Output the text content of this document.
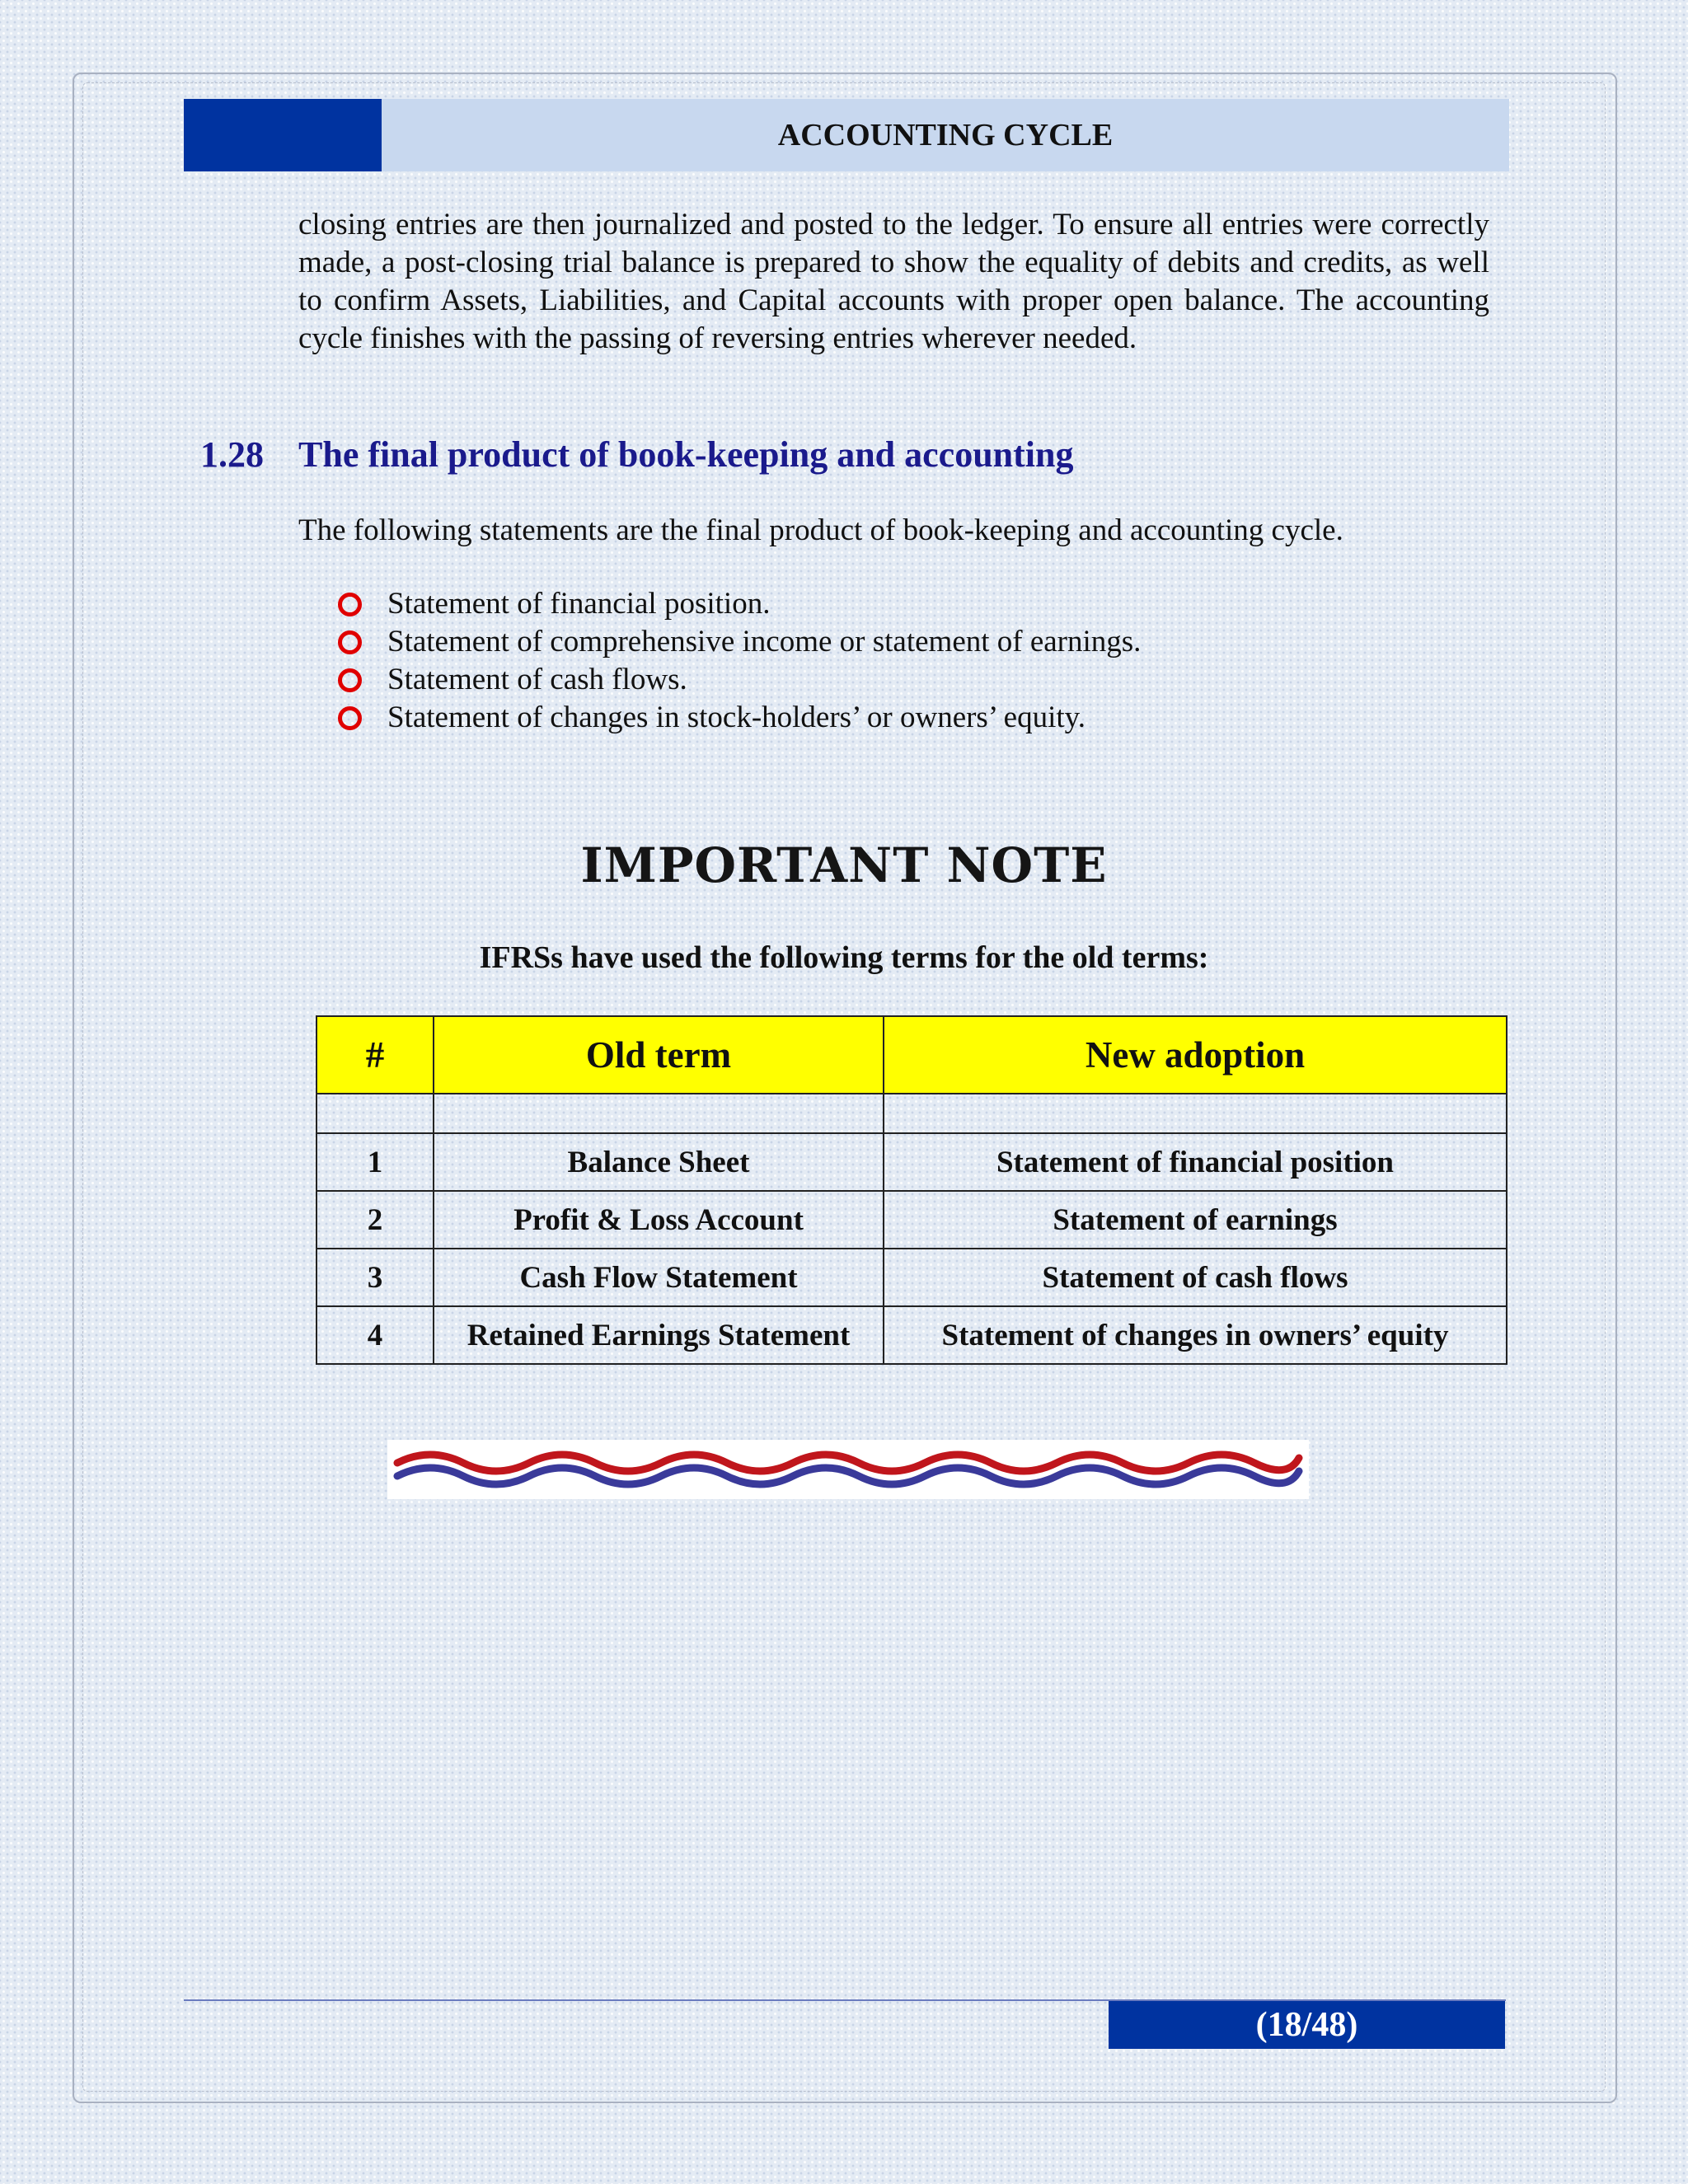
ACCOUNTING CYCLE

closing entries are then journalized and posted to the ledger. To ensure all entries were correctly made, a post-closing trial balance is prepared to show the equality of debits and credits, as well to confirm Assets, Liabilities, and Capital accounts with proper open balance. The accounting cycle finishes with the passing of reversing entries wherever needed.

1.28 The final product of book-keeping and accounting

The following statements are the final product of book-keeping and accounting cycle.

Statement of financial position.
Statement of comprehensive income or statement of earnings.
Statement of cash flows.
Statement of changes in stock-holders’ or owners’ equity.
IMPORTANT NOTE
IFRSs have used the following terms for the old terms:
#	Old term	New adoption

1	Balance Sheet	Statement of financial position
2	Profit & Loss Account	Statement of earnings
3	Cash Flow Statement	Statement of cash flows
4	Retained Earnings Statement	Statement of changes in owners’ equity
(18/48)
